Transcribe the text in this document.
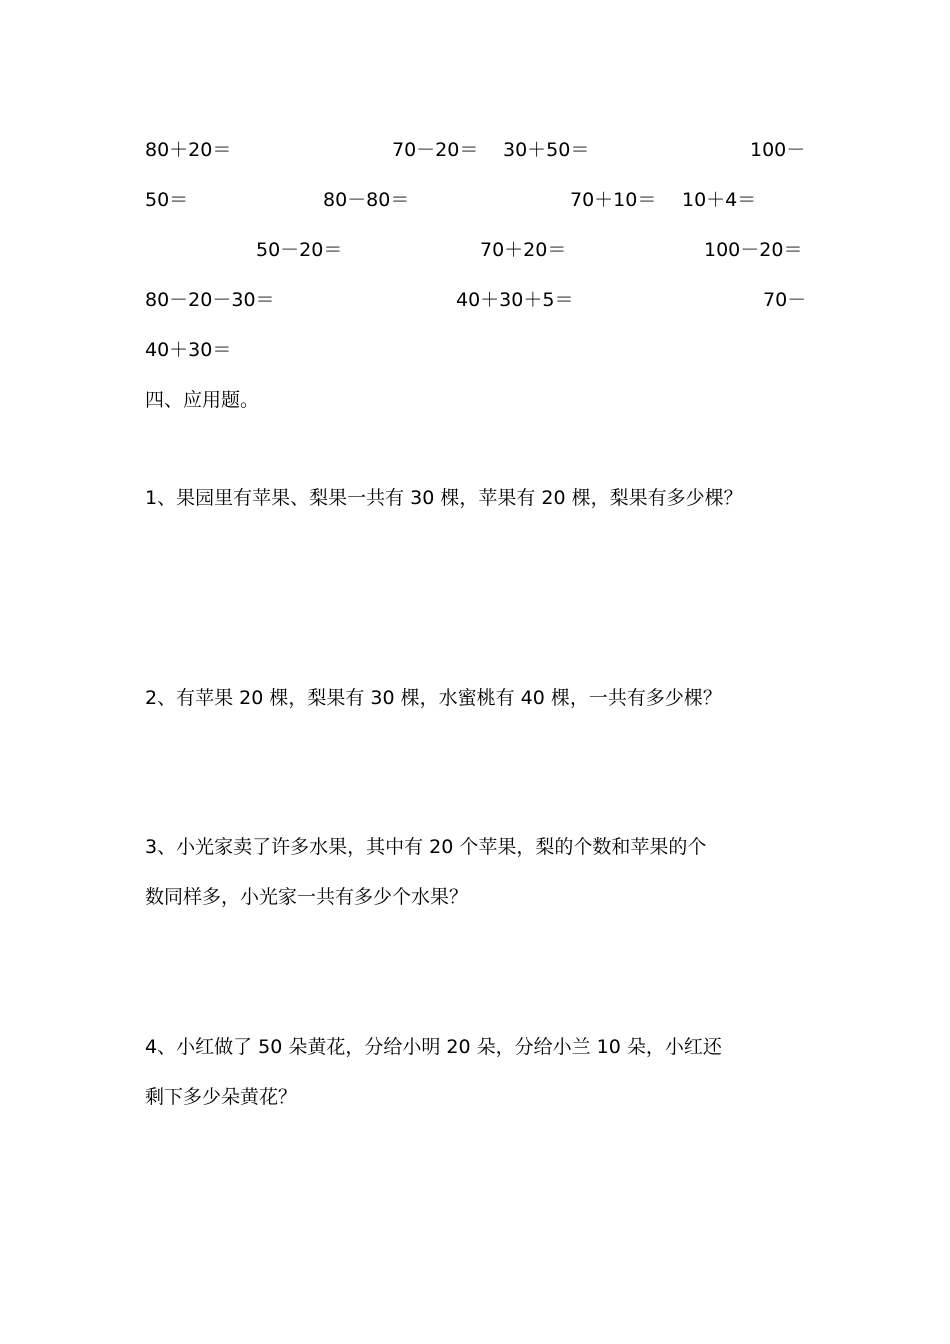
80＋20＝	70－20＝ 30＋50＝	100－
50＝	80－80＝	70＋10＝ 10＋4＝
50－20＝	70＋20＝	100－20＝
80－20－30＝	40＋30＋5＝	70－
40＋30＝
四、应用题。
1、果园里有苹果、梨果一共有 30 棵，苹果有 20 棵，梨果有多少棵？
2、有苹果 20 棵，梨果有 30 棵，水蜜桃有 40 棵，一共有多少棵？
3、小光家卖了许多水果，其中有 20 个苹果，梨的个数和苹果的个
数同样多，小光家一共有多少个水果？
4、小红做了 50 朵黄花，分给小明 20 朵，分给小兰 10 朵，小红还
剩下多少朵黄花？
